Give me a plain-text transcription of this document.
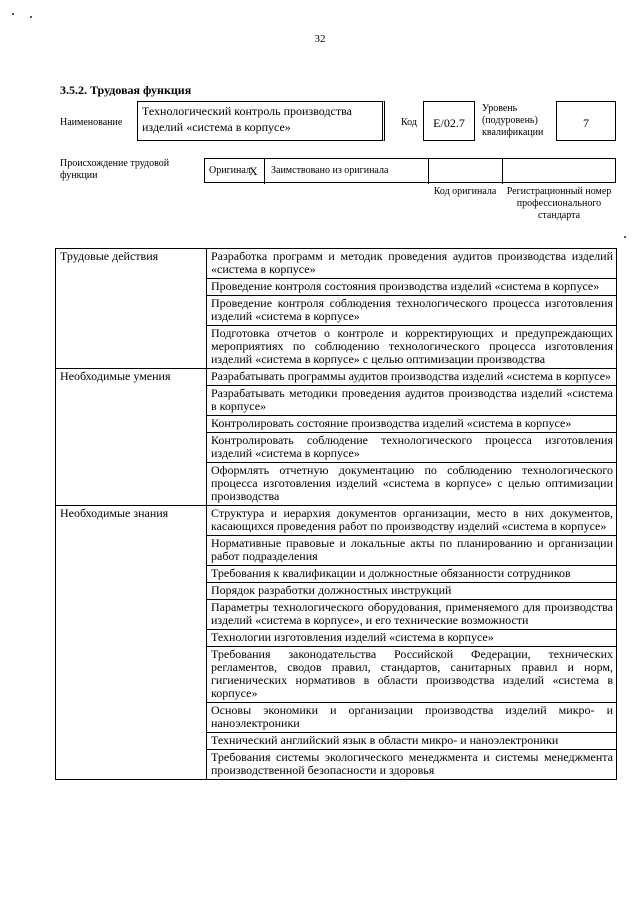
32
3.5.2. Трудовая функция
Наименование
Технологический контроль производства изделий «система в корпусе»	Код	E/02.7
Уровень (подуровень) квалификации
7
Происхождение трудовой функции	Оригинал
X Заимствовано из оригинала
Код оригинала	Регистрационный номер профессионального стандарта
Трудовые действия	Разработка программ и методик проведения аудитов производства изделий «система в корпусе»
	Проведение контроля состояния производства изделий «система в корпусе»
	Проведение контроля соблюдения технологического процесса изготовления изделий «система в корпусе»
	Подготовка отчетов о контроле и корректирующих и предупреждающих мероприятиях по соблюдению технологического процесса изготовления изделий «система в корпусе» с целью оптимизации производства
Необходимые умения	Разрабатывать программы аудитов производства изделий «система в корпусе»
	Разрабатывать методики проведения аудитов производства изделий «система в корпусе»
	Контролировать состояние производства изделий «система в корпусе»
	Контролировать соблюдение технологического процесса изготовления изделий «система в корпусе»
	Оформлять отчетную документацию по соблюдению технологического процесса изготовления изделий «система в корпусе» с целью оптимизации производства
Необходимые знания	Структура и иерархия документов организации, место в них документов, касающихся проведения работ по производству изделий «система в корпусе»
	Нормативные правовые и локальные акты по планированию и организации работ подразделения
	Требования к квалификации и должностные обязанности сотрудников
	Порядок разработки должностных инструкций
	Параметры технологического оборудования, применяемого для производства изделий «система в корпусе», и его технические возможности
	Технологии изготовления изделий «система в корпусе»
	Требования законодательства Российской Федерации, технических регламентов, сводов правил, стандартов, санитарных правил и норм, гигиенических нормативов в области производства изделий «система в корпусе»
	Основы экономики и организации производства изделий микро- и наноэлектроники
	Технический английский язык в области микро- и наноэлектроники
	Требования системы экологического менеджмента и системы менеджмента производственной безопасности и здоровья
